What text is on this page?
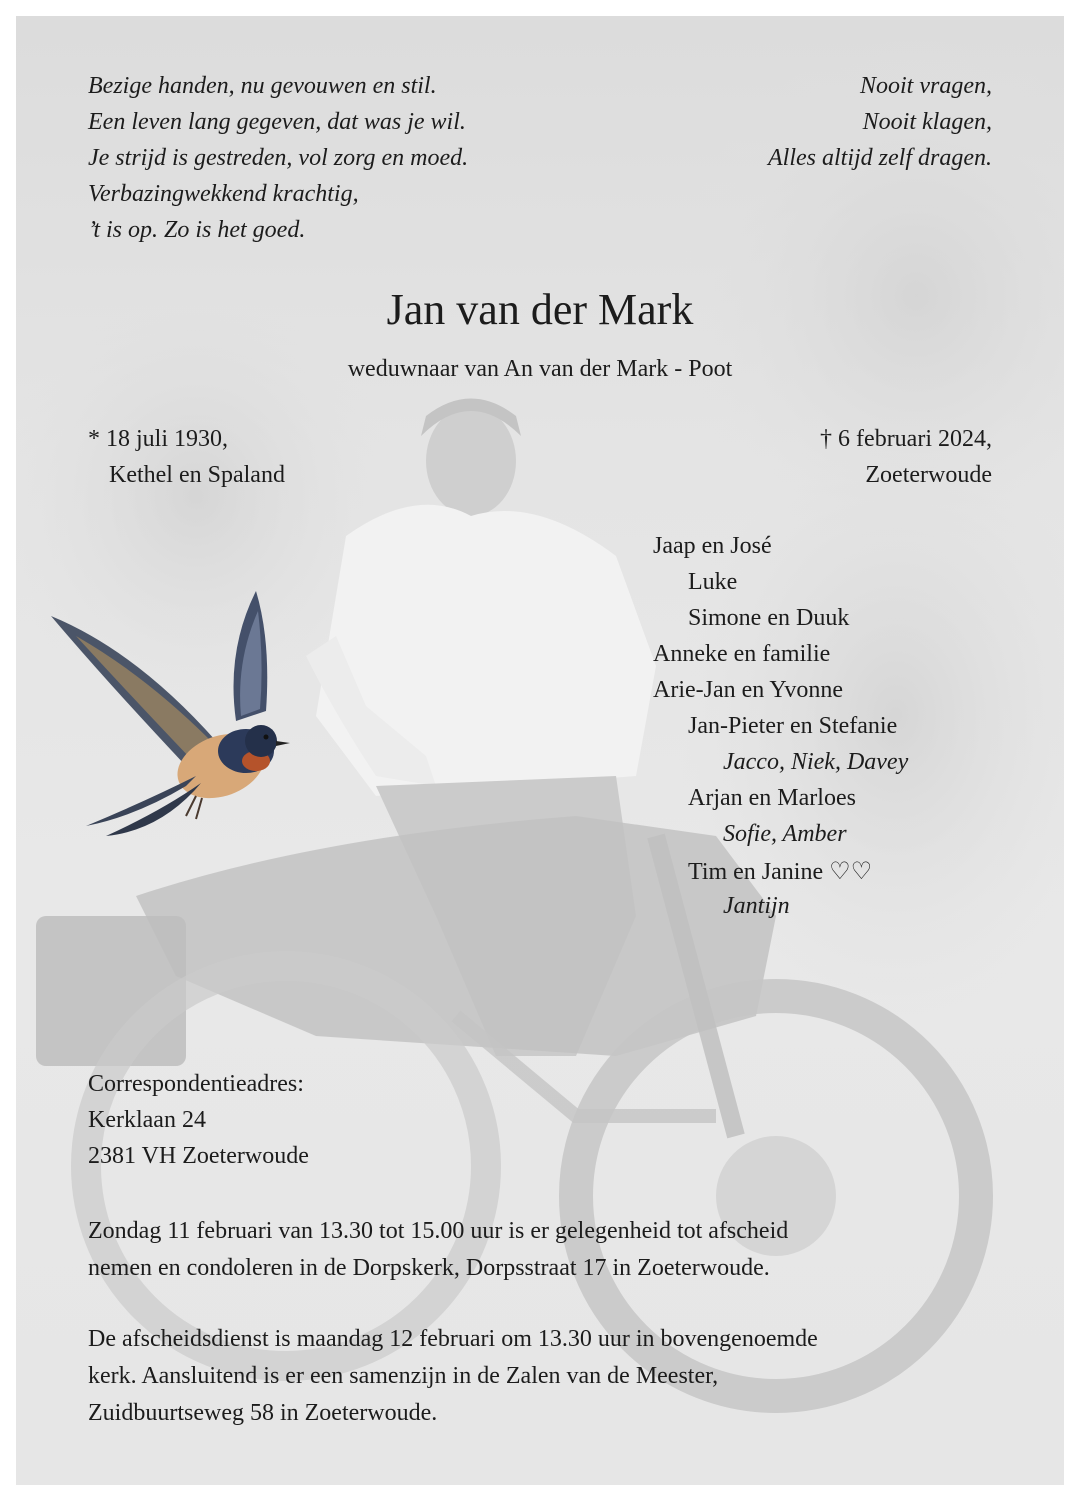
Bezige handen, nu gevouwen en stil.
Een leven lang gegeven, dat was je wil.
Je strijd is gestreden, vol zorg en moed.
Verbazingwekkend krachtig,
’t is op. Zo is het goed.
Nooit vragen,
Nooit klagen,
Alles altijd zelf dragen.
Jan van der Mark
weduwnaar van An van der Mark - Poot
* 18 juli 1930,
Kethel en Spaland
† 6 februari 2024,
Zoeterwoude
Jaap en José
Luke
Simone en Duuk
Anneke en familie
Arie-Jan en Yvonne
Jan-Pieter en Stefanie
Jacco, Niek, Davey
Arjan en Marloes
Sofie, Amber
Tim en Janine ♡♡
Jantijn
Correspondentieadres:
Kerklaan 24
2381 VH Zoeterwoude
Zondag 11 februari van 13.30 tot 15.00 uur is er gelegenheid tot afscheid
nemen en condoleren in de Dorpskerk, Dorpsstraat 17 in Zoeterwoude.
De afscheidsdienst is maandag 12 februari om 13.30 uur in bovengenoemde
kerk. Aansluitend is er een samenzijn in de Zalen van de Meester,
Zuidbuurtseweg 58 in Zoeterwoude.
